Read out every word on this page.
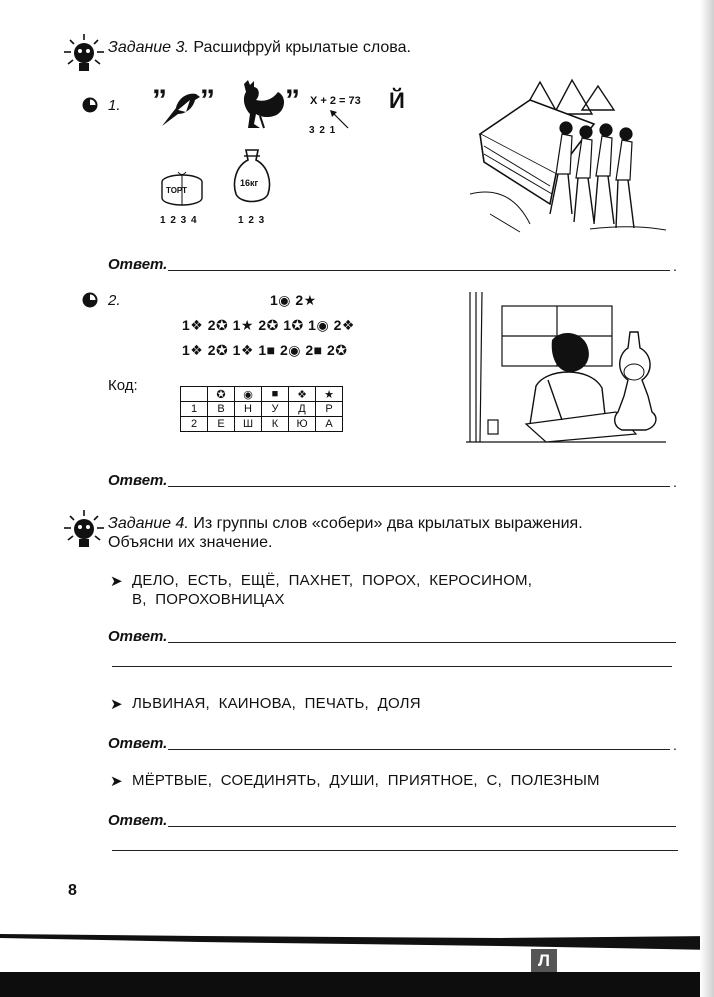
Задание 3. Расшифруй крылатые слова.
1. ” ” ” X + 2 = 73 Й
3 2 1
ТОРТ
1 2 3 4
16кг
1 2 3
Ответ.	.
2.	1◉ 2★
1❖ 2✪ 1★ 2✪ 1✪ 1◉ 2❖
1❖ 2✪ 1❖ 1■ 2◉ 2■ 2✪
Код:
	✪	◉	■	❖	★
1	В	Н	У	Д	Р
2	Е	Ш	К	Ю	А
Ответ.	.
Задание 4. Из группы слов «собери» два крылатых выражения.
Объясни их значение.
➤ ДЕЛО,  ЕСТЬ,  ЕЩЁ,  ПАХНЕТ,  ПОРОХ,  КЕРОСИНОМ,
В,  ПОРОХОВНИЦАХ
Ответ.
➤ ЛЬВИНАЯ,  КАИНОВА,  ПЕЧАТЬ,  ДОЛЯ
Ответ.	.
➤ МЁРТВЫЕ,  СОЕДИНЯТЬ,  ДУШИ,  ПРИЯТНОЕ,  С,  ПОЛЕЗНЫМ
Ответ.
8
Л
